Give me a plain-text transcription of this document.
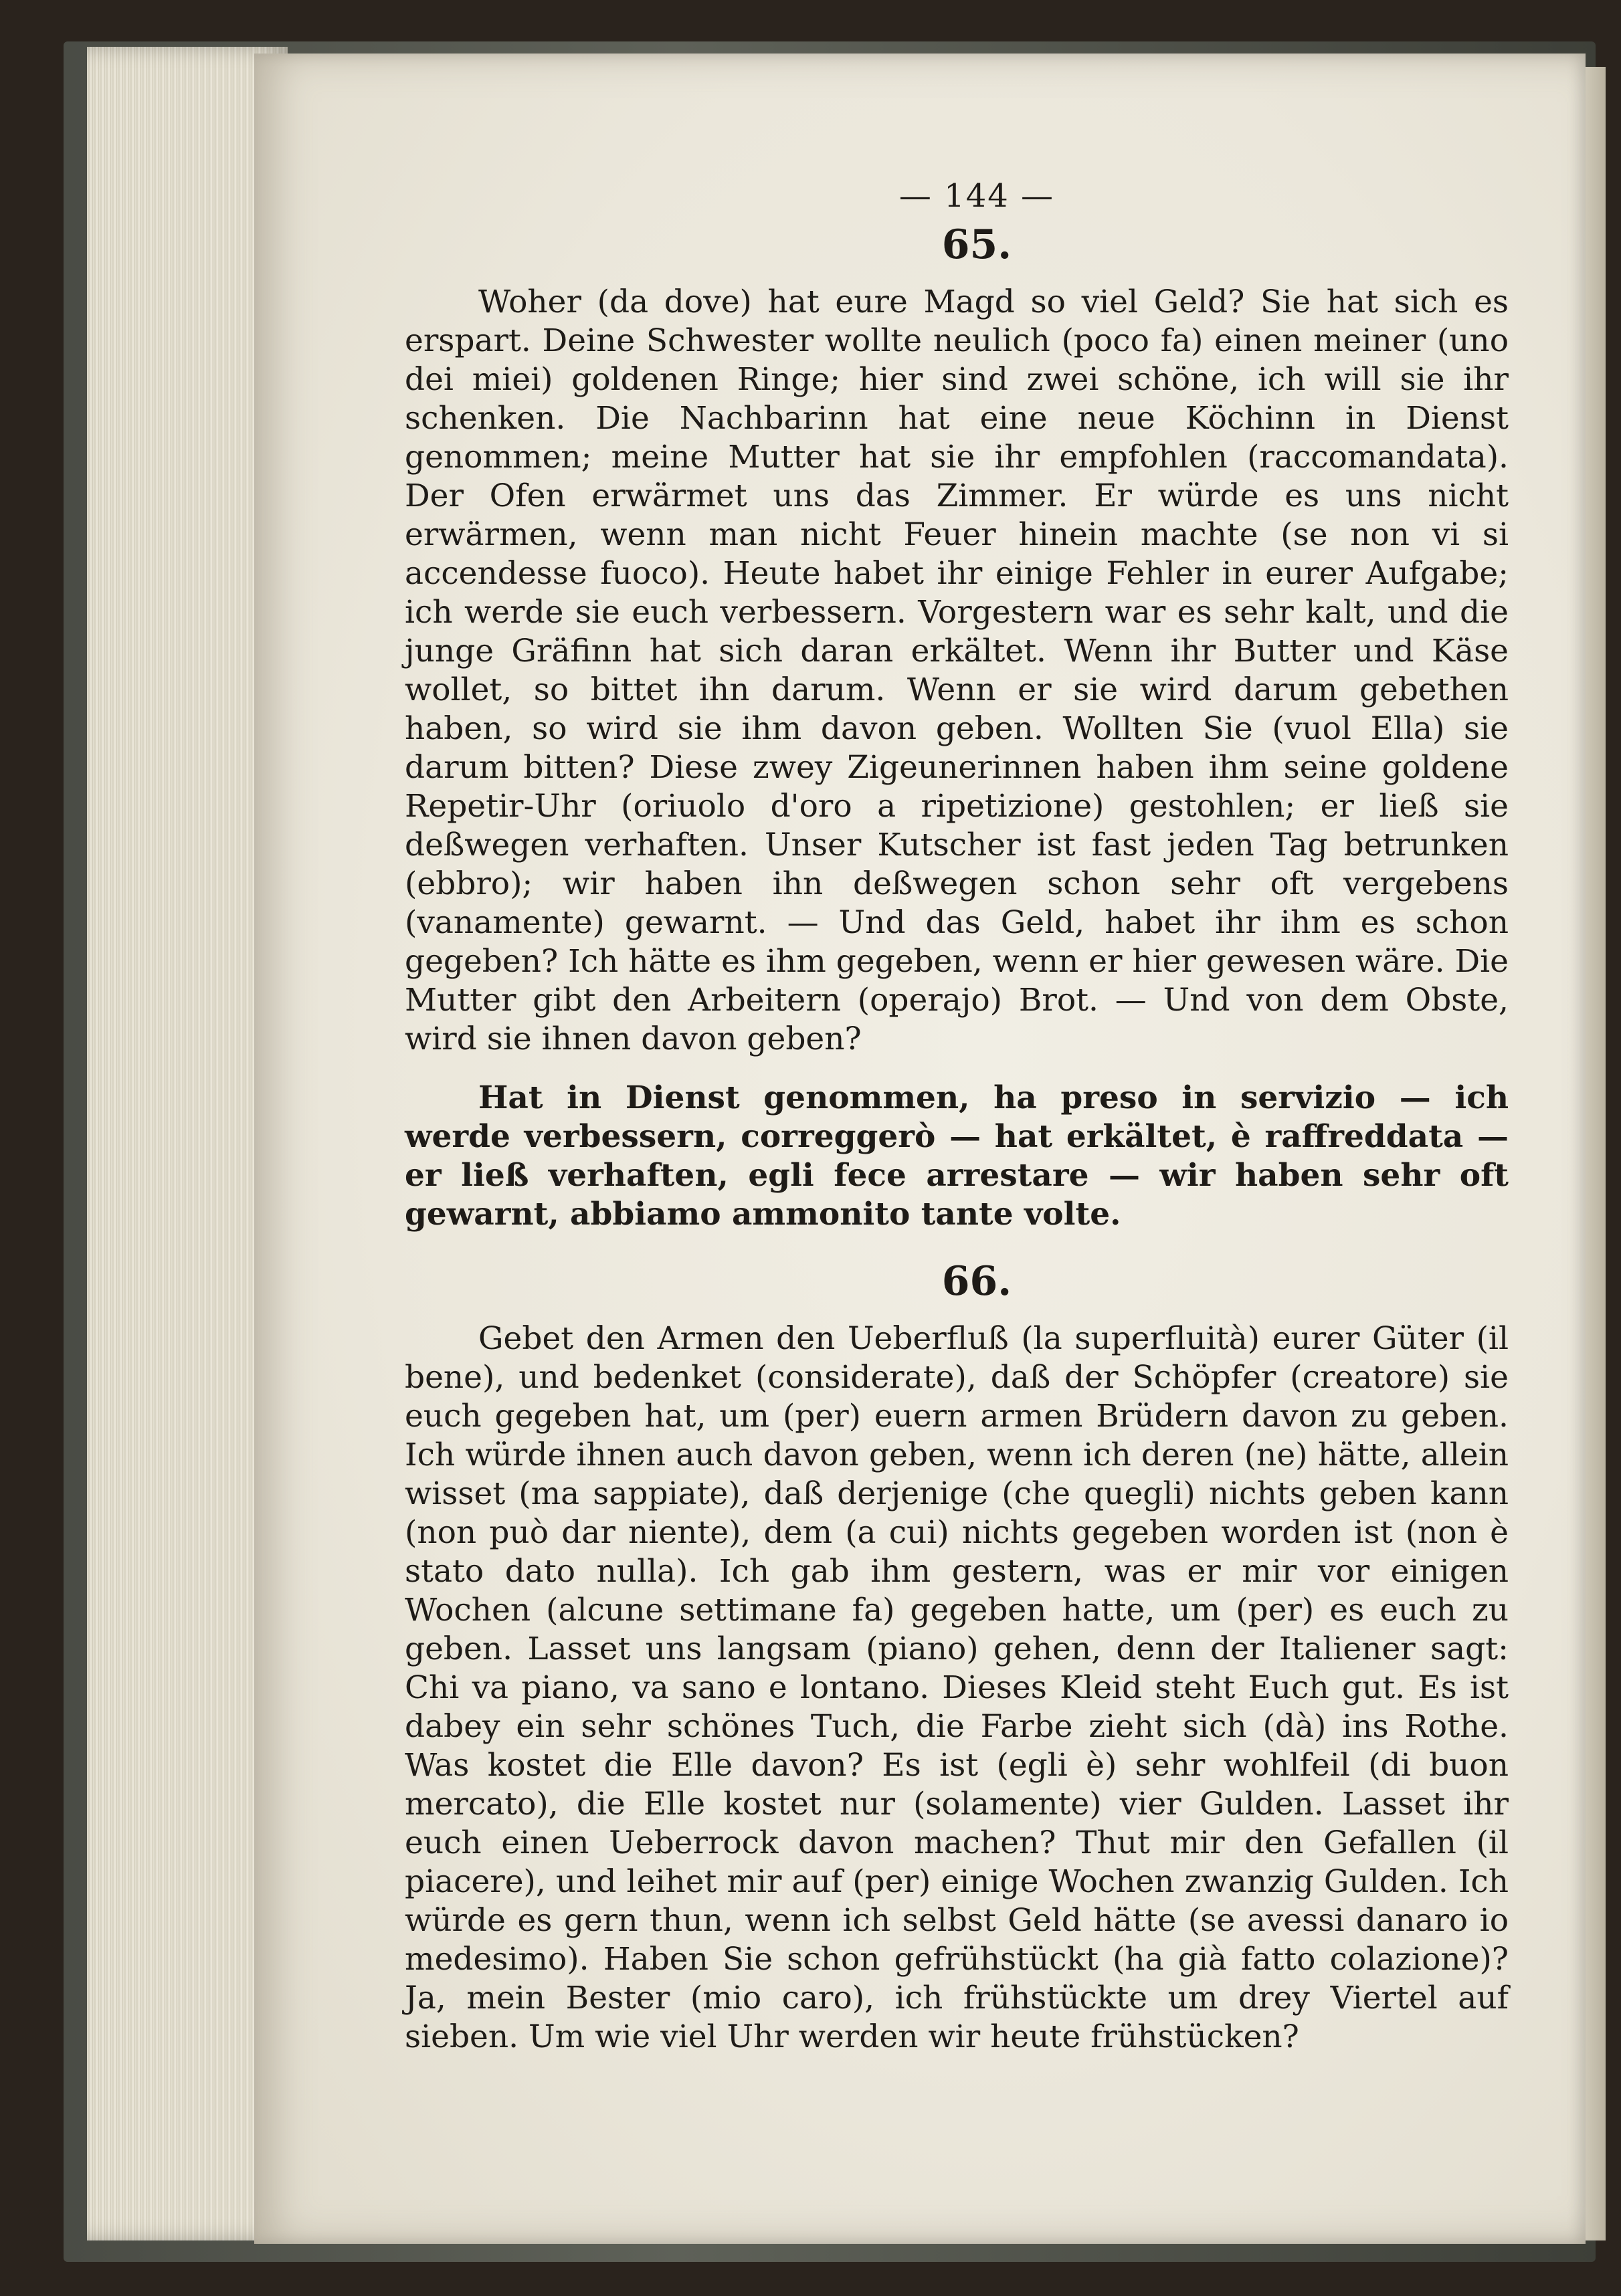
— 144 —
65.

Woher (da dove) hat eure Magd so viel Geld? Sie hat sich es erspart. Deine Schwester wollte neulich (poco fa) einen meiner (uno dei miei) goldenen Ringe; hier sind zwei schöne, ich will sie ihr schenken. Die Nachbarinn hat eine neue Köchinn in Dienst genommen; meine Mutter hat sie ihr empfohlen (raccomandata). Der Ofen erwärmet uns das Zimmer. Er würde es uns nicht erwärmen, wenn man nicht Feuer hinein machte (se non vi si accendesse fuoco). Heute habet ihr einige Fehler in eurer Aufgabe; ich werde sie euch verbessern. Vorgestern war es sehr kalt, und die junge Gräfinn hat sich daran erkältet. Wenn ihr Butter und Käse wollet, so bittet ihn darum. Wenn er sie wird darum gebethen haben, so wird sie ihm davon geben. Wollten Sie (vuol Ella) sie darum bitten? Diese zwey Zigeunerinnen haben ihm seine goldene Repetir-Uhr (oriuolo d'oro a ripetizione) gestohlen; er ließ sie deßwegen verhaften. Unser Kutscher ist fast jeden Tag betrunken (ebbro); wir haben ihn deßwegen schon sehr oft vergebens (vanamente) gewarnt. — Und das Geld, habet ihr ihm es schon gegeben? Ich hätte es ihm gegeben, wenn er hier gewesen wäre. Die Mutter gibt den Arbeitern (operajo) Brot. — Und von dem Obste, wird sie ihnen davon geben?

Hat in Dienst genommen, ha preso in servizio — ich werde verbessern, correggerò — hat erkältet, è raffreddata — er ließ verhaften, egli fece arrestare — wir haben sehr oft gewarnt, abbiamo ammonito tante volte.

66.

Gebet den Armen den Ueberfluß (la superfluità) eurer Güter (il bene), und bedenket (considerate), daß der Schöpfer (creatore) sie euch gegeben hat, um (per) euern armen Brüdern davon zu geben. Ich würde ihnen auch davon geben, wenn ich deren (ne) hätte, allein wisset (ma sappiate), daß derjenige (che quegli) nichts geben kann (non può dar niente), dem (a cui) nichts gegeben worden ist (non è stato dato nulla). Ich gab ihm gestern, was er mir vor einigen Wochen (alcune settimane fa) gegeben hatte, um (per) es euch zu geben. Lasset uns langsam (piano) gehen, denn der Italiener sagt: Chi va piano, va sano e lontano. Dieses Kleid steht Euch gut. Es ist dabey ein sehr schönes Tuch, die Farbe zieht sich (dà) ins Rothe. Was kostet die Elle davon? Es ist (egli è) sehr wohlfeil (di buon mercato), die Elle kostet nur (solamente) vier Gulden. Lasset ihr euch einen Ueberrock davon machen? Thut mir den Gefallen (il piacere), und leihet mir auf (per) einige Wochen zwanzig Gulden. Ich würde es gern thun, wenn ich selbst Geld hätte (se avessi danaro io medesimo). Haben Sie schon gefrühstückt (ha già fatto colazione)? Ja, mein Bester (mio caro), ich frühstückte um drey Viertel auf sieben. Um wie viel Uhr werden wir heute frühstücken?
